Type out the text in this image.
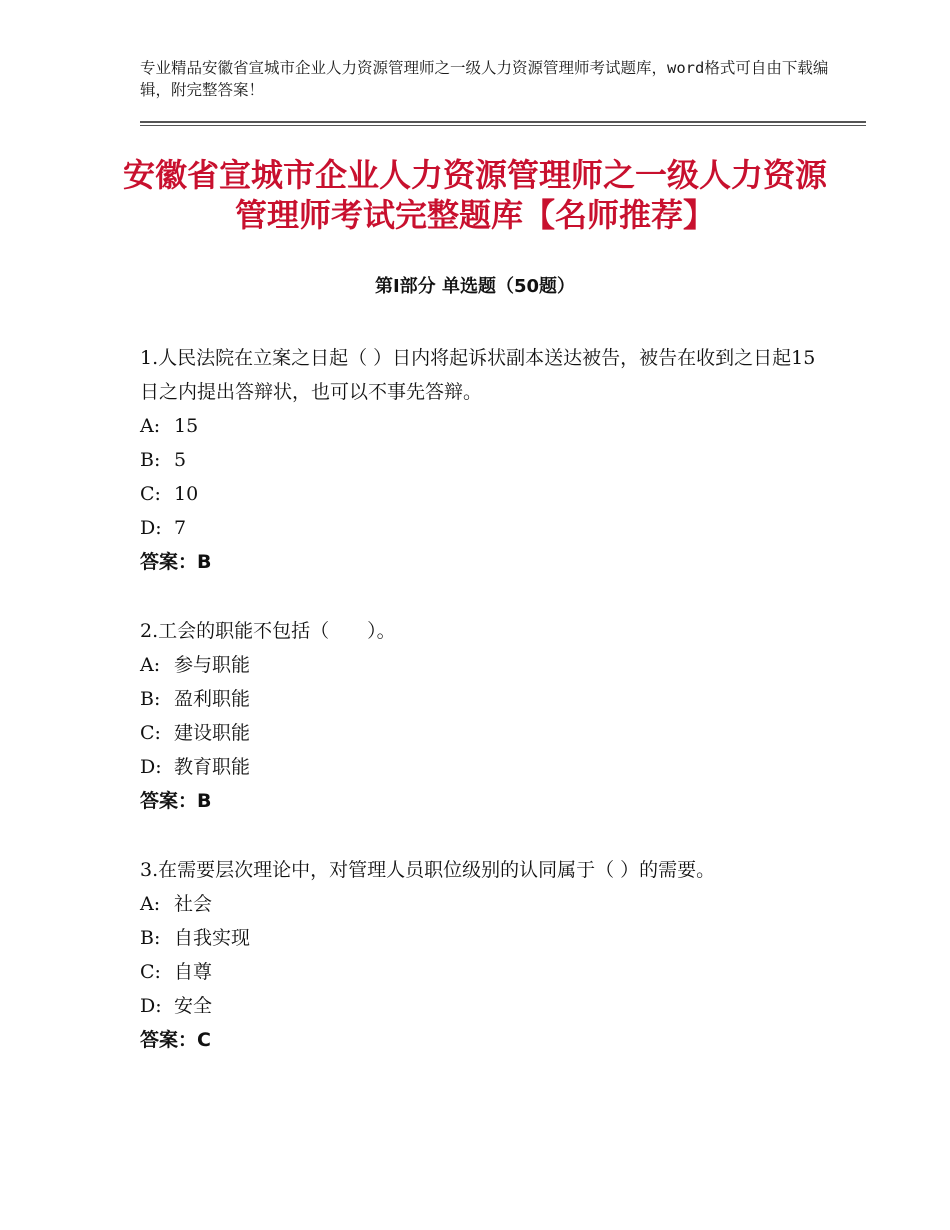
专业精品安徽省宣城市企业人力资源管理师之一级人力资源管理师考试题库，word格式可自由下载编辑，附完整答案！
安徽省宣城市企业人力资源管理师之一级人力资源管理师考试完整题库【名师推荐】
第Ⅰ部分 单选题（50题）
1.人民法院在立案之日起（ ）日内将起诉状副本送达被告，被告在收到之日起15日之内提出答辩状，也可以不事先答辩。
A: 15
B: 5
C: 10
D: 7
答案：B
2.工会的职能不包括（　　）。
A: 参与职能
B: 盈利职能
C: 建设职能
D: 教育职能
答案：B
3.在需要层次理论中，对管理人员职位级别的认同属于（ ）的需要。
A: 社会
B: 自我实现
C: 自尊
D: 安全
答案：C
